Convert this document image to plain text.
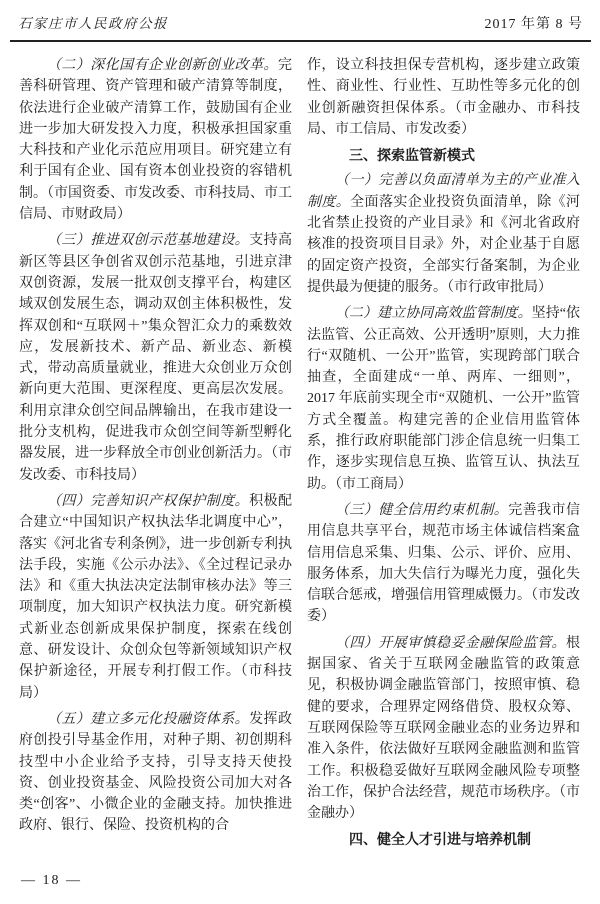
石家庄市人民政府公报	2017 年第 8 号

（二）深化国有企业创新创业改革。完善科研管理、资产管理和破产清算等制度，依法进行企业破产清算工作，鼓励国有企业进一步加大研发投入力度，积极承担国家重大科技和产业化示范应用项目。研究建立有利于国有企业、国有资本创业投资的容错机制。（市国资委、市发改委、市科技局、市工信局、市财政局）

（三）推进双创示范基地建设。支持高新区等县区争创省双创示范基地，引进京津双创资源，发展一批双创支撑平台，构建区域双创发展生态，调动双创主体积极性，发挥双创和“互联网＋”集众智汇众力的乘数效应，发展新技术、新产品、新业态、新模式，带动高质量就业，推进大众创业万众创新向更大范围、更深程度、更高层次发展。利用京津众创空间品牌输出，在我市建设一批分支机构，促进我市众创空间等新型孵化器发展，进一步释放全市创业创新活力。（市发改委、市科技局）

（四）完善知识产权保护制度。积极配合建立“中国知识产权执法华北调度中心”，落实《河北省专利条例》，进一步创新专利执法手段，实施《公示办法》、《全过程记录办法》和《重大执法决定法制审核办法》等三项制度，加大知识产权执法力度。研究新模式新业态创新成果保护制度，探索在线创意、研发设计、众创众包等新领域知识产权保护新途径，开展专利打假工作。（市科技局）

（五）建立多元化投融资体系。发挥政府创投引导基金作用，对种子期、初创期科技型中小企业给予支持，引导支持天使投资、创业投资基金、风险投资公司加大对各类“创客”、小微企业的金融支持。加快推进政府、银行、保险、投资机构的合

作，设立科技担保专营机构，逐步建立政策性、商业性、行业性、互助性等多元化的创业创新融资担保体系。（市金融办、市科技局、市工信局、市发改委）

三、探索监管新模式

（一）完善以负面清单为主的产业准入制度。全面落实企业投资负面清单，除《河北省禁止投资的产业目录》和《河北省政府核准的投资项目目录》外，对企业基于自愿的固定资产投资，全部实行备案制，为企业提供最为便捷的服务。（市行政审批局）

（二）建立协同高效监管制度。坚持“依法监管、公正高效、公开透明”原则，大力推行“双随机、一公开”监管，实现跨部门联合抽查，全面建成“一单、两库、一细则”，2017 年底前实现全市“双随机、一公开”监管方式全覆盖。构建完善的企业信用监管体系，推行政府职能部门涉企信息统一归集工作，逐步实现信息互换、监管互认、执法互助。（市工商局）

（三）健全信用约束机制。完善我市信用信息共享平台，规范市场主体诚信档案盒信用信息采集、归集、公示、评价、应用、服务体系，加大失信行为曝光力度，强化失信联合惩戒，增强信用管理威慑力。（市发改委）

（四）开展审慎稳妥金融保险监管。根据国家、省关于互联网金融监管的政策意见，积极协调金融监管部门，按照审慎、稳健的要求，合理界定网络借贷、股权众筹、互联网保险等互联网金融业态的业务边界和准入条件，依法做好互联网金融监测和监管工作。积极稳妥做好互联网金融风险专项整治工作，保护合法经营，规范市场秩序。（市金融办）

四、健全人才引进与培养机制

— 18 —
